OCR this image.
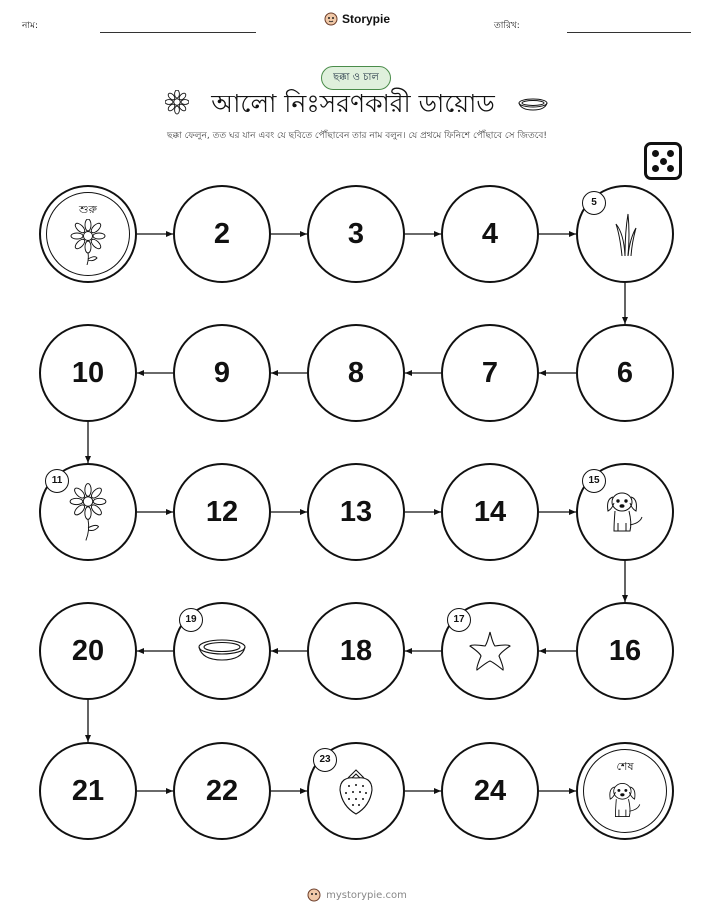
নাম:	Storypie	তারিখ:
ছক্কা ও চাল
আলো নিঃসরণকারী ডায়োড
ছক্কা ফেলুন, তত ঘর যান এবং যে ছবিতে পৌঁছাবেন তার নাম বলুন। যে প্রথমে ফিনিশে পৌঁছাবে সে জিতবে!
শুরু
2	3	4
5
10	9	8	7	6
11
12	13	14
15
20
19
18
17
16
21	22
23
24
শেষ
mystorypie.com
